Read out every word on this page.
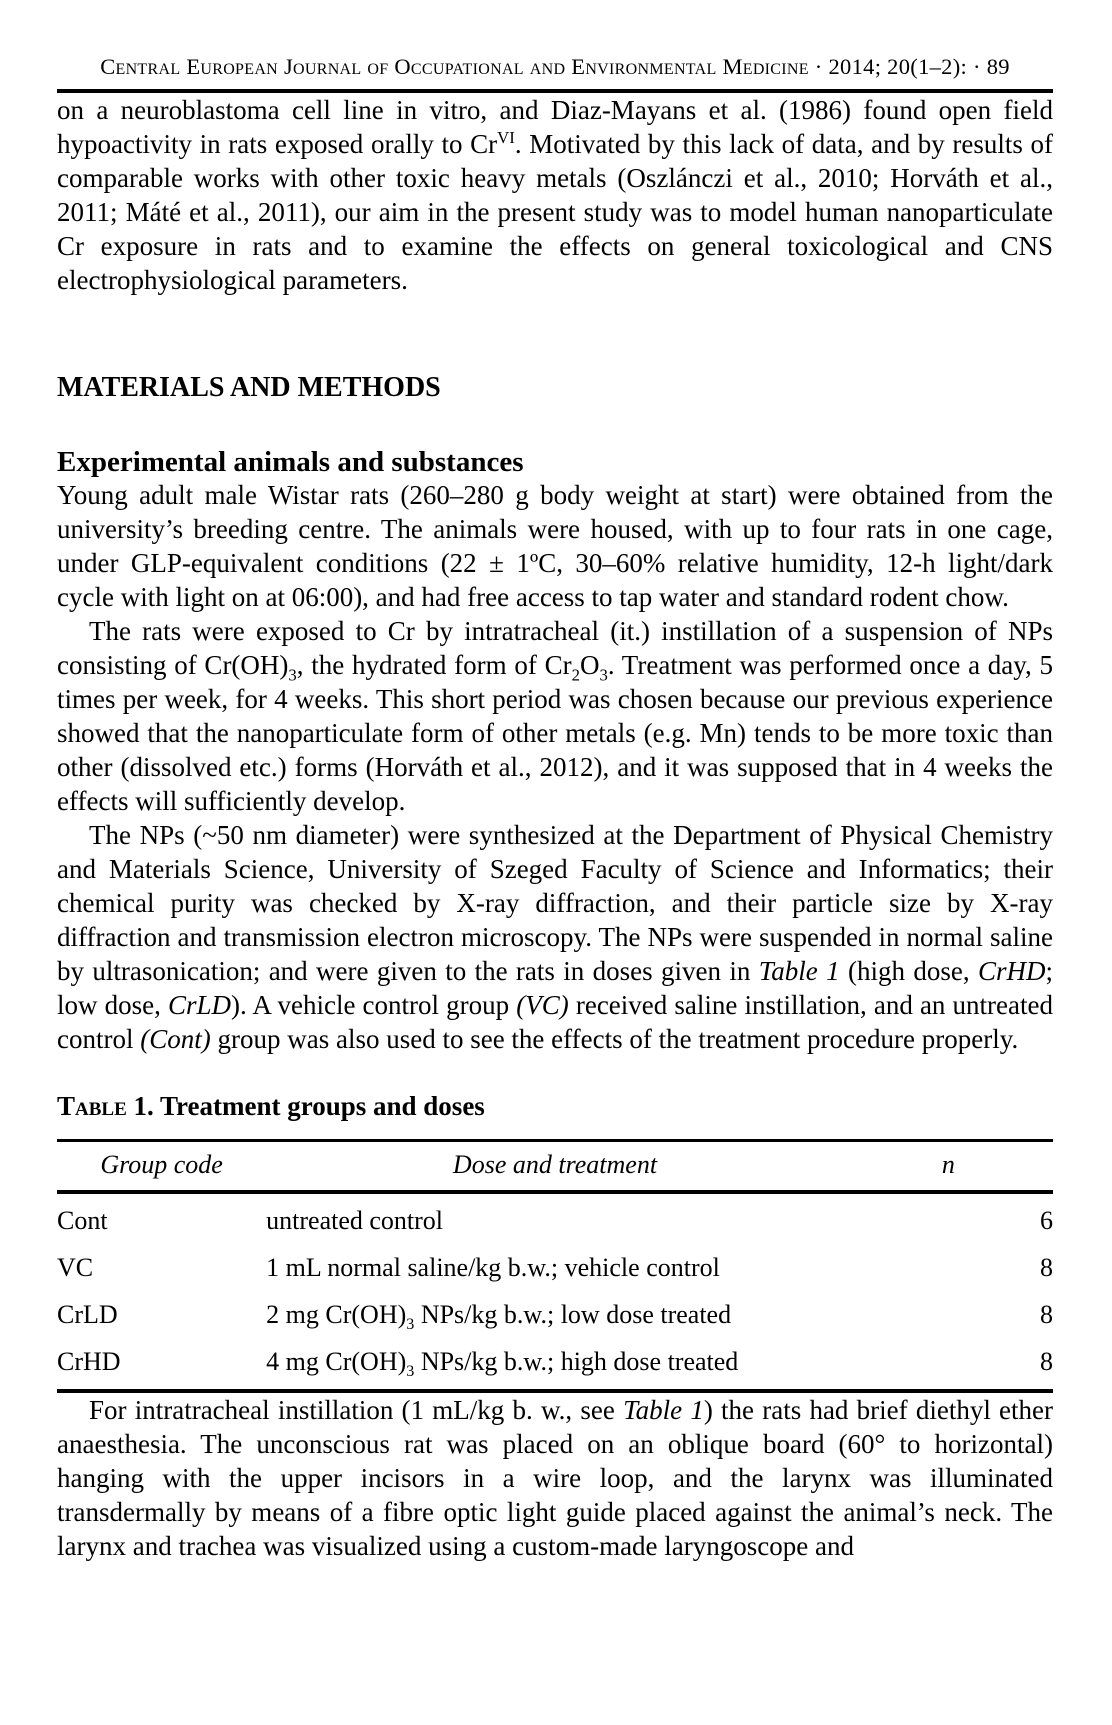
Central European Journal of Occupational and Environmental Medicine · 2014; 20(1–2): · 89

on a neuroblastoma cell line in vitro, and Diaz-Mayans et al. (1986) found open field hypoactivity in rats exposed orally to $Cr^{VI}$. Motivated by this lack of data, and by results of comparable works with other toxic heavy metals (Oszlánczi et al., 2010; Horváth et al., 2011; Máté et al., 2011), our aim in the present study was to model human nanoparticulate Cr exposure in rats and to examine the effects on general toxicological and CNS electrophysiological parameters.

MATERIALS AND METHODS
Experimental animals and substances

Young adult male Wistar rats (260–280 g body weight at start) were obtained from the university’s breeding centre. The animals were housed, with up to four rats in one cage, under GLP-equivalent conditions (22 ± 1ºC, 30–60% relative humidity, 12-h light/dark cycle with light on at 06:00), and had free access to tap water and standard rodent chow.

The rats were exposed to Cr by intratracheal (it.) instillation of a suspension of NPs consisting of $Cr(OH)_3$, the hydrated form of $Cr_2O_3$. Treatment was performed once a day, 5 times per week, for 4 weeks. This short period was chosen because our previous experience showed that the nanoparticulate form of other metals (e.g. Mn) tends to be more toxic than other (dissolved etc.) forms (Horváth et al., 2012), and it was supposed that in 4 weeks the effects will sufficiently develop.

The NPs (~50 nm diameter) were synthesized at the Department of Physical Chemistry and Materials Science, University of Szeged Faculty of Science and Informatics; their chemical purity was checked by X-ray diffraction, and their particle size by X-ray diffraction and transmission electron microscopy. The NPs were suspended in normal saline by ultrasonication; and were given to the rats in doses given in Table 1 (high dose, CrHD; low dose, CrLD). A vehicle control group (VC) received saline instillation, and an untreated control (Cont) group was also used to see the effects of the treatment procedure properly.

Table 1. Treatment groups and doses
Group code	Dose and treatment	n
Cont	untreated control	6
VC	1 mL normal saline/kg b.w.; vehicle control	8
CrLD	2 mg $Cr(OH)_3$ NPs/kg b.w.; low dose treated	8
CrHD	4 mg $Cr(OH)_3$ NPs/kg b.w.; high dose treated	8

For intratracheal instillation (1 mL/kg b. w., see Table 1) the rats had brief diethyl ether anaesthesia. The unconscious rat was placed on an oblique board (60° to horizontal) hanging with the upper incisors in a wire loop, and the larynx was illuminated transdermally by means of a fibre optic light guide placed against the animal’s neck. The larynx and trachea was visualized using a custom-made laryngoscope and
